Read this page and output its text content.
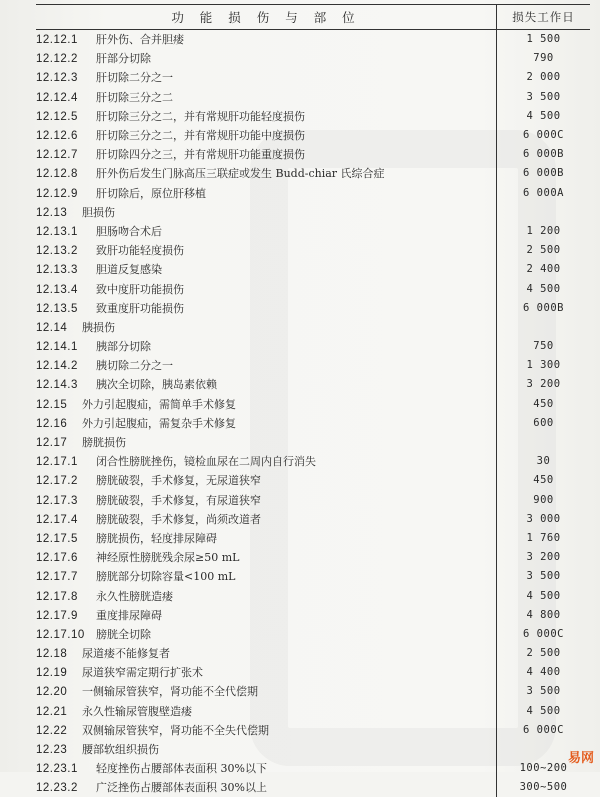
功 能 损 伤 与 部 位	损失工作日
12.12.1 肝外伤、合并胆瘘	1 500
12.12.2 肝部分切除	790
12.12.3 肝切除二分之一	2 000
12.12.4 肝切除三分之二	3 500
12.12.5 肝切除三分之二，并有常规肝功能轻度损伤	4 500
12.12.6 肝切除三分之二，并有常规肝功能中度损伤	6 000C
12.12.7 肝切除四分之三，并有常规肝功能重度损伤	6 000B
12.12.8 肝外伤后发生门脉高压三联症或发生 Budd-chiar 氏综合症	6 000B
12.12.9 肝切除后，原位肝移植	6 000A
12.13 胆损伤	
12.13.1 胆肠吻合术后	1 200
12.13.2 致肝功能轻度损伤	2 500
12.13.3 胆道反复感染	2 400
12.13.4 致中度肝功能损伤	4 500
12.13.5 致重度肝功能损伤	6 000B
12.14 胰损伤	
12.14.1 胰部分切除	750
12.14.2 胰切除二分之一	1 300
12.14.3 胰次全切除，胰岛素依赖	3 200
12.15 外力引起腹疝，需简单手术修复	450
12.16 外力引起腹疝，需复杂手术修复	600
12.17 膀胱损伤	
12.17.1 闭合性膀胱挫伤，镜检血尿在二周内自行消失	30
12.17.2 膀胱破裂，手术修复，无尿道狭窄	450
12.17.3 膀胱破裂，手术修复，有尿道狭窄	900
12.17.4 膀胱破裂，手术修复，尚须改道者	3 000
12.17.5 膀胱损伤，轻度排尿障碍	1 760
12.17.6 神经原性膀胱残余尿≥50 mL	3 200
12.17.7 膀胱部分切除容量<100 mL	3 500
12.17.8 永久性膀胱造瘘	4 500
12.17.9 重度排尿障碍	4 800
12.17.10 膀胱全切除	6 000C
12.18 尿道瘘不能修复者	2 500
12.19 尿道狭窄需定期行扩张术	4 400
12.20 一侧输尿管狭窄，肾功能不全代偿期	3 500
12.21 永久性输尿管腹壁造瘘	4 500
12.22 双侧输尿管狭窄，肾功能不全失代偿期	6 000C
12.23 腰部软组织损伤	
12.23.1 轻度挫伤占腰部体表面积 30%以下	100~200
12.23.2 广泛挫伤占腰部体表面积 30%以上	300~500
易网
